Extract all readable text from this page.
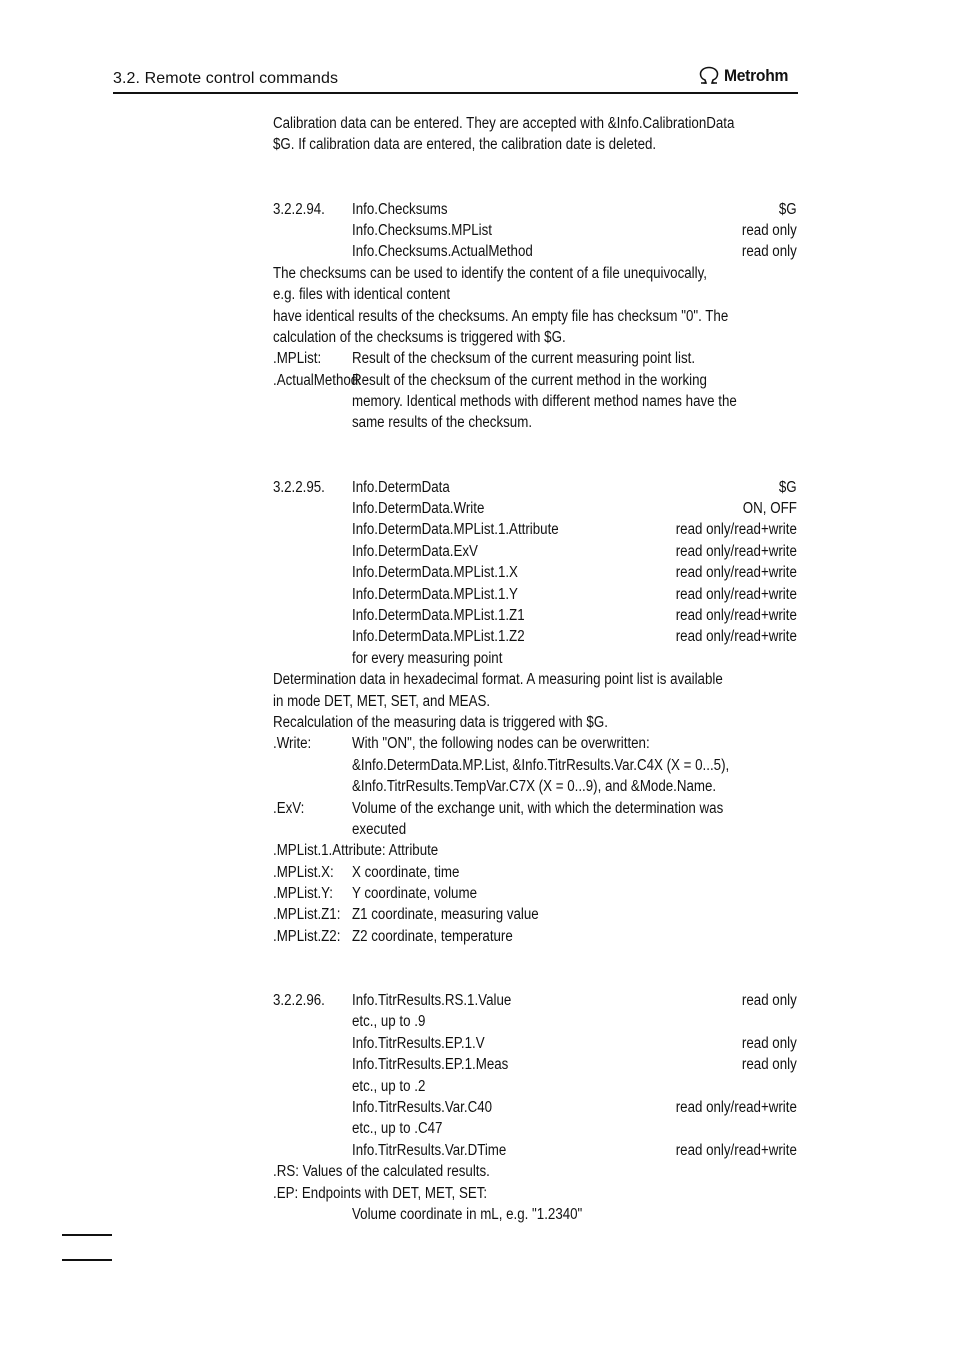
3.2. Remote control commands	Metrohm
Calibration data can be entered. They are accepted with &Info.CalibrationData
$G. If calibration data are entered, the calibration date is deleted.
3.2.2.94.	Info.Checksums	$G
Info.Checksums.MPList	read only
Info.Checksums.ActualMethod	read only
The checksums can be used to identify the content of a file unequivocally,
e.g. files with identical content
have identical results of the checksums. An empty file has checksum "0". The
calculation of the checksums is triggered with $G.
.MPList:	Result of the checksum of the current measuring point list.
.ActualMethod:
Result of the checksum of the current method in the working
memory. Identical methods with different method names have the
same results of the checksum.
3.2.2.95.	Info.DetermData	$G
Info.DetermData.Write	ON, OFF
Info.DetermData.MPList.1.Attribute	read only/read+write
Info.DetermData.ExV	read only/read+write
Info.DetermData.MPList.1.X	read only/read+write
Info.DetermData.MPList.1.Y	read only/read+write
Info.DetermData.MPList.1.Z1	read only/read+write
Info.DetermData.MPList.1.Z2	read only/read+write
for every measuring point
Determination data in hexadecimal format. A measuring point list is available
in mode DET, MET, SET, and MEAS.
Recalculation of the measuring data is triggered with $G.
.Write:	With "ON", the following nodes can be overwritten:
&Info.DetermData.MP.List, &Info.TitrResults.Var.C4X (X = 0...5),
&Info.TitrResults.TempVar.C7X (X = 0...9), and &Mode.Name.
.ExV:	Volume of the exchange unit, with which the determination was
executed
.MPList.1.Attribute: Attribute
.MPList.X:	X coordinate, time
.MPList.Y:	Y coordinate, volume
.MPList.Z1: Z1 coordinate, measuring value
.MPList.Z2: Z2 coordinate, temperature
3.2.2.96.	Info.TitrResults.RS.1.Value	read only
etc., up to .9
Info.TitrResults.EP.1.V	read only
Info.TitrResults.EP.1.Meas	read only
etc., up to .2
Info.TitrResults.Var.C40	read only/read+write
etc., up to .C47
Info.TitrResults.Var.DTime	read only/read+write
.RS: Values of the calculated results.
.EP: Endpoints with DET, MET, SET:
Volume coordinate in mL, e.g. "1.2340"
